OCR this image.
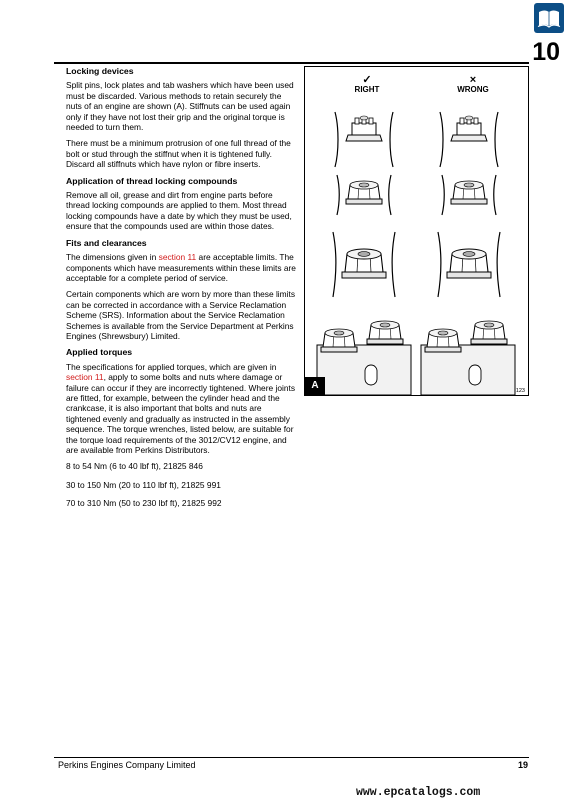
10
Locking devices

Split pins, lock plates and tab washers which have been used must be discarded. Various methods to retain securely the nuts of an engine are shown (A). Stiffnuts can be used again only if they have not lost their grip and the original torque is needed to turn them.

There must be a minimum protrusion of one full thread of the bolt or stud through the stiffnut when it is tightened fully. Discard all stiffnuts which have nylon or fibre inserts.

Application of thread locking compounds

Remove all oil, grease and dirt from engine parts before thread locking compounds are applied to them. Most thread locking compounds have a date by which they must be used, ensure that the compounds used are within those dates.

Fits and clearances

The dimensions given in section 11 are acceptable limits. The components which have measurements within these limits are acceptable for a complete period of service.

Certain components which are worn by more than these limits can be corrected in accordance with a Service Reclamation Scheme (SRS). Information about the Service Reclamation Schemes is available from the Service Department at Perkins Engines (Shrewsbury) Limited.

Applied torques

The specifications for applied torques, which are given in section 11, apply to some bolts and nuts where damage or failure can occur if they are incorrectly tightened. Where joints are fitted, for example, between the cylinder head and the crankcase, it is also important that bolts and nuts are tightened evenly and gradually as instructed in the assembly sequence. The torque wrenches, listed below, are suitable for the torque load requirements of the 3012/CV12 engine, and are available from Perkins Distributors.

8 to 54 Nm (6 to 40 lbf ft), 21825 846

30 to 150 Nm (20 to 110 lbf ft), 21825 991

70 to 310 Nm (50 to 230 lbf ft), 21825 992

✓
RIGHT
×
WRONG
A	123
Perkins Engines Company Limited	19
www.epcatalogs.com
